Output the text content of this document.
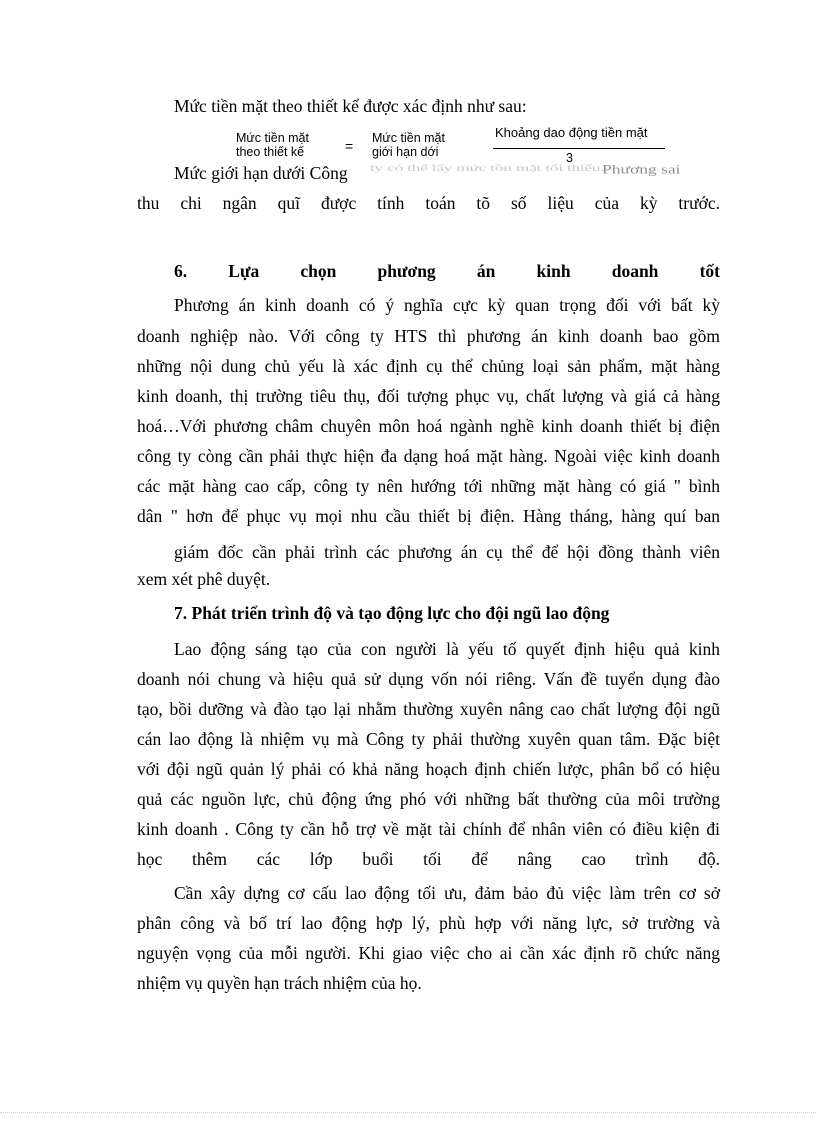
Mức tiền mặt theo thiết kế được xác định như sau:
Mức tiền mặt
theo thiết kế	= Mức tiền mặt
giới hạn dới
Khoảng dao động tiền mặt
3
Mức giới hạn dưới Công ty có thể lấy mức tồn mặt tối thiểu.
Phương sai
thu chi ngân quĩ được tính toán tõ số liệu của kỳ trước.
6. Lựa chọn phương án kinh doanh tốt
Phương án kinh doanh có ý nghĩa cực kỳ quan trọng đối với bất kỳ
doanh nghiệp nào. Với công ty HTS thì phương án kinh doanh bao gồm
những nội dung chủ yếu là xác định cụ thể chủng loại sản phẩm, mặt hàng
kinh doanh, thị trường tiêu thụ, đối tượng phục vụ, chất lượng và giá cả hàng
hoá…Với phương châm chuyên môn hoá ngành nghề kinh doanh thiết bị điện
công ty còng cần phải thực hiện đa dạng hoá mặt hàng. Ngoài việc kinh doanh
các mặt hàng cao cấp, công ty nên hướng tới những mặt hàng có giá " bình
dân " hơn để phục vụ mọi nhu cầu thiết bị điện. Hàng tháng, hàng quí ban
giám đốc cần phải trình các phương án cụ thể để hội đồng thành viên
xem xét phê duyệt.
7. Phát triển trình độ và tạo động lực cho đội ngũ lao động
Lao động sáng tạo của con người là yếu tố quyết định hiệu quả kinh
doanh nói chung và hiệu quả sử dụng vốn nói riêng. Vấn đề tuyển dụng đào
tạo, bồi dưỡng và đào tạo lại nhằm thường xuyên nâng cao chất lượng đội ngũ
cán lao động là nhiệm vụ mà Công ty phải thường xuyên quan tâm. Đặc biệt
với đội ngũ quản lý phải có khả năng hoạch định chiến lược, phân bổ có hiệu
quả các nguồn lực, chủ động ứng phó với những bất thường của môi trường
kinh doanh . Công ty cần hỗ trợ về mặt tài chính để nhân viên có điều kiện đi
học thêm các lớp buổi tối để nâng cao trình độ.
Cần xây dựng cơ cấu lao động tối ưu, đảm bảo đủ việc làm trên cơ sở
phân công và bố trí lao động hợp lý, phù hợp với năng lực, sở trường và
nguyện vọng của mỗi người. Khi giao việc cho ai cần xác định rõ chức năng
nhiệm vụ quyền hạn trách nhiệm của họ.
